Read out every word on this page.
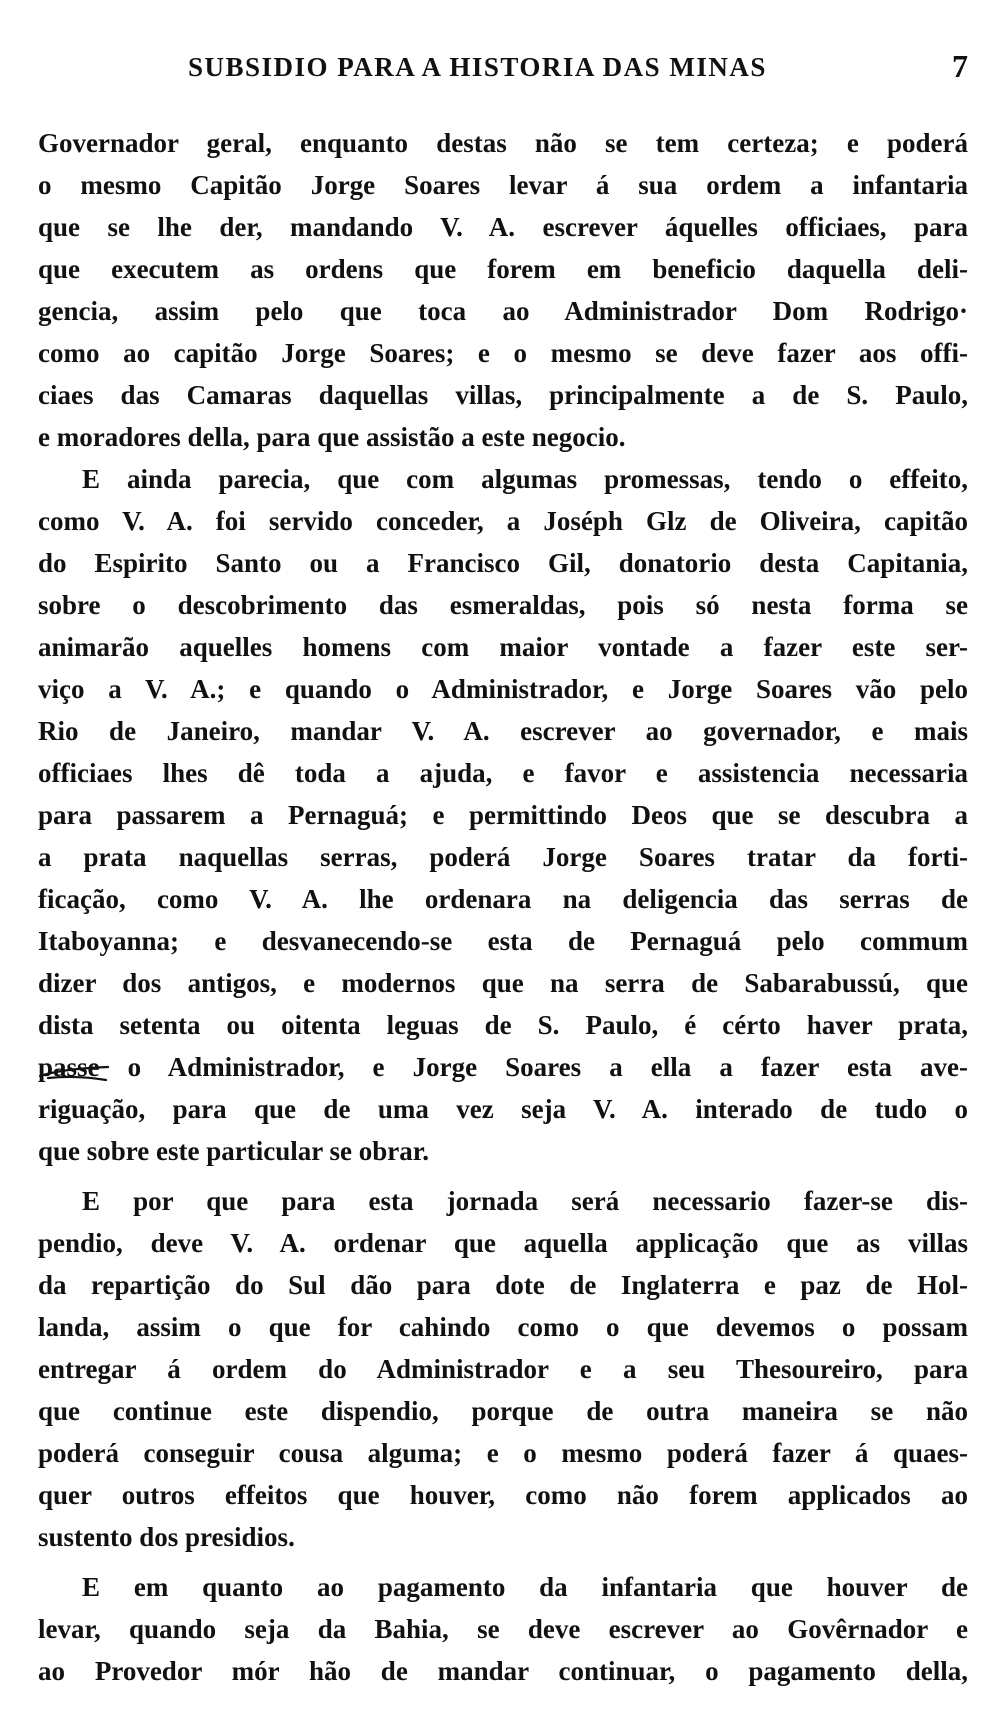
SUBSIDIO PARA A HISTORIA DAS MINAS	7
Governador geral, enquanto destas não se tem certeza; e poderá
o mesmo Capitão Jorge Soares levar á sua ordem a infantaria
que se lhe der, mandando V. A. escrever áquelles officiaes, para
que executem as ordens que forem em beneficio daquella deli-
gencia, assim pelo que toca ao Administrador Dom Rodrigo·
como ao capitão Jorge Soares; e o mesmo se deve fazer aos offi-
ciaes das Camaras daquellas villas, principalmente a de S. Paulo,
e moradores della, para que assistão a este negocio.
E ainda parecia, que com algumas promessas, tendo o effeito,
como V. A. foi servido conceder, a Joséph Glz de Oliveira, capitão
do Espirito Santo ou a Francisco Gil, donatorio desta Capitania,
sobre o descobrimento das esmeraldas, pois só nesta forma se
animarão aquelles homens com maior vontade a fazer este ser-
viço a V. A.; e quando o Administrador, e Jorge Soares vão pelo
Rio de Janeiro, mandar V. A. escrever ao governador, e mais
officiaes lhes dê toda a ajuda, e favor e assistencia necessaria
para passarem a Pernaguá; e permittindo Deos que se descubra a
a prata naquellas serras, poderá Jorge Soares tratar da forti-
ficação, como V. A. lhe ordenara na deligencia das serras de
Itaboyanna; e desvanecendo-se esta de Pernaguá pelo commum
dizer dos antigos, e modernos que na serra de Sabarabussú, que
dista setenta ou oitenta leguas de S. Paulo, é cérto haver prata,
passe o Administrador, e Jorge Soares a ella a fazer esta ave-
riguação, para que de uma vez seja V. A. interado de tudo o
que sobre este particular se obrar.
E por que para esta jornada será necessario fazer-se dis-
pendio, deve V. A. ordenar que aquella applicação que as villas
da repartição do Sul dão para dote de Inglaterra e paz de Hol-
landa, assim o que for cahindo como o que devemos o possam
entregar á ordem do Administrador e a seu Thesoureiro, para
que continue este dispendio, porque de outra maneira se não
poderá conseguir cousa alguma; e o mesmo poderá fazer á quaes-
quer outros effeitos que houver, como não forem applicados ao
sustento dos presidios.
E em quanto ao pagamento da infantaria que houver de
levar, quando seja da Bahia, se deve escrever ao Govêrnador e
ao Provedor mór hão de mandar continuar, o pagamento della,
